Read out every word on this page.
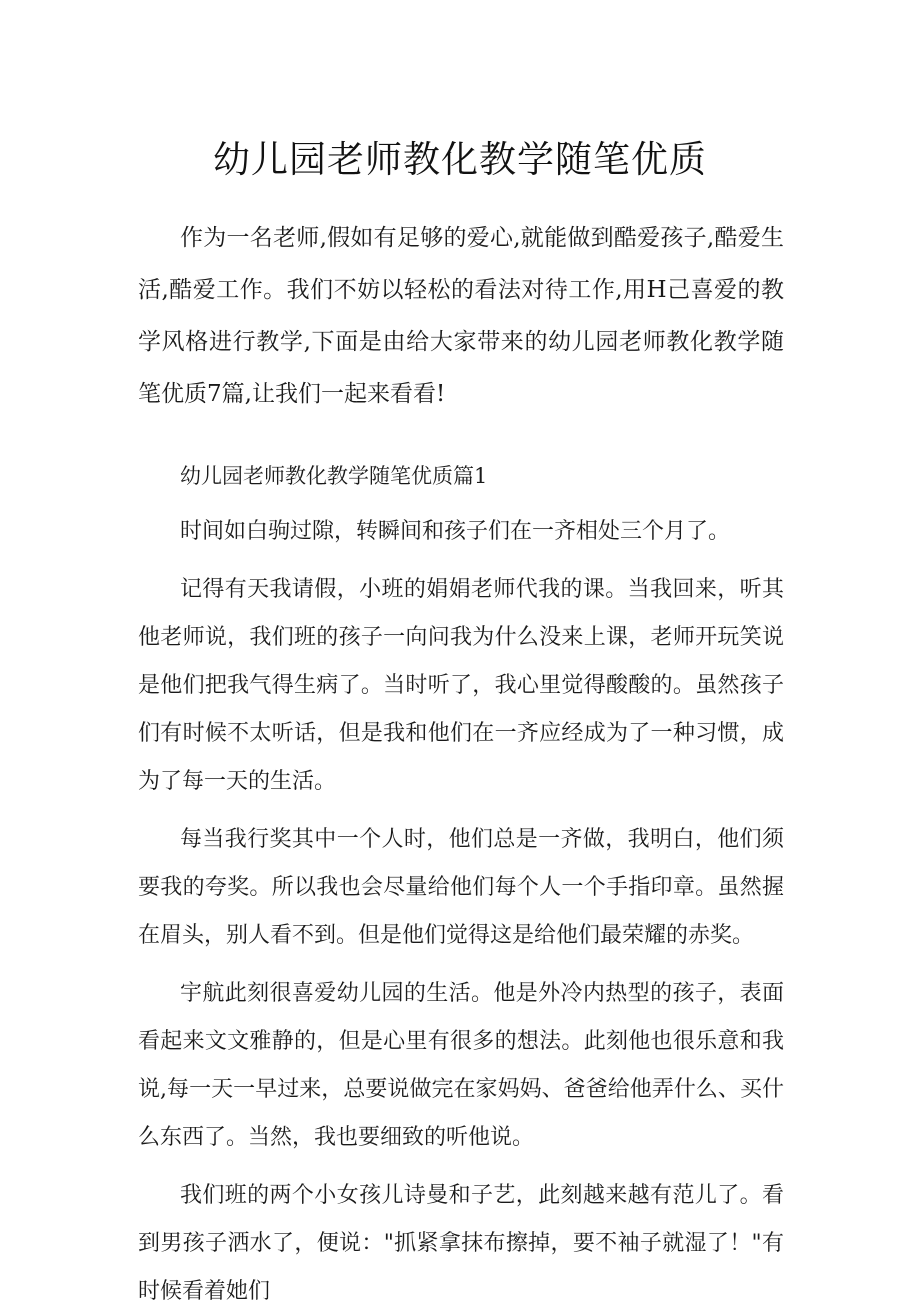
幼儿园老师教化教学随笔优质
作为一名老师,假如有足够的爱心,就能做到酷爱孩子,酷爱生活,酷爱工作。我们不妨以轻松的看法对待工作,用H己喜爱的教学风格进行教学,下面是由给大家带来的幼儿园老师教化教学随笔优质7篇,让我们一起来看看!
幼儿园老师教化教学随笔优质篇1

时间如白驹过隙，转瞬间和孩子们在一齐相处三个月了。

记得有天我请假，小班的娟娟老师代我的课。当我回来，听其他老师说，我们班的孩子一向问我为什么没来上课，老师开玩笑说是他们把我气得生病了。当时听了，我心里觉得酸酸的。虽然孩子们有时候不太听话，但是我和他们在一齐应经成为了一种习惯，成为了每一天的生活。

每当我行奖其中一个人时，他们总是一齐做，我明白，他们须要我的夸奖。所以我也会尽量给他们每个人一个手指印章。虽然握在眉头，别人看不到。但是他们觉得这是给他们最荣耀的赤奖。

宇航此刻很喜爱幼儿园的生活。他是外冷内热型的孩子，表面看起来文文雅静的，但是心里有很多的想法。此刻他也很乐意和我说,每一天一早过来，总要说做完在家妈妈、爸爸给他弄什么、买什么东西了。当然，我也要细致的听他说。

我们班的两个小女孩儿诗曼和子艺，此刻越来越有范儿了。看到男孩子洒水了，便说："抓紧拿抹布擦掉，要不袖子就湿了！"有时候看着她们
